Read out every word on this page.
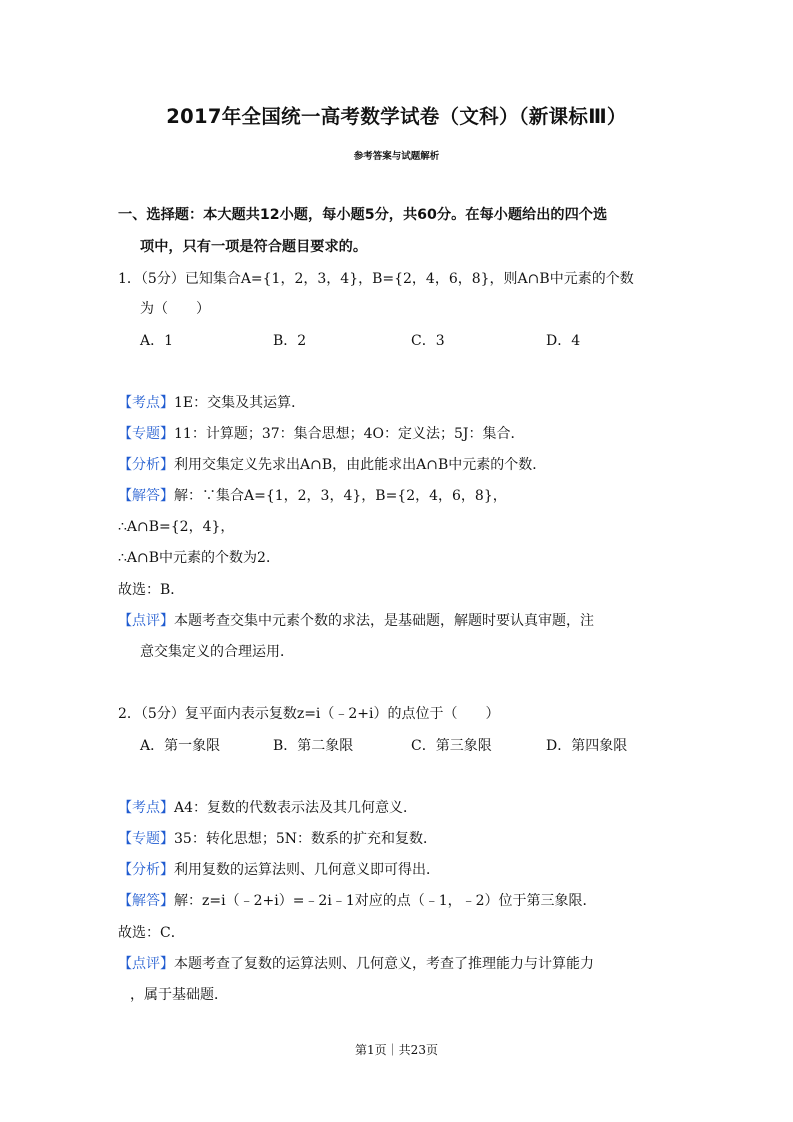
2017年全国统一高考数学试卷（文科）（新课标Ⅲ）
参考答案与试题解析
一、选择题：本大题共12小题，每小题5分，共60分。在每小题给出的四个选
项中，只有一项是符合题目要求的。
1．（5分）已知集合A={1，2，3，4}，B={2，4，6，8}，则A∩B中元素的个数
为（　　）
A．1	B．2	C．3	D．4
【考点】1E：交集及其运算．
【专题】11：计算题；37：集合思想；4O：定义法；5J：集合．
【分析】利用交集定义先求出A∩B，由此能求出A∩B中元素的个数．
【解答】解：∵集合A={1，2，3，4}，B={2，4，6，8}，
∴A∩B={2，4}，
∴A∩B中元素的个数为2．
故选：B．
【点评】本题考查交集中元素个数的求法，是基础题，解题时要认真审题，注
意交集定义的合理运用．
2．（5分）复平面内表示复数z=i（﹣2+i）的点位于（　　）
A．第一象限	B．第二象限	C．第三象限	D．第四象限
【考点】A4：复数的代数表示法及其几何意义．
【专题】35：转化思想；5N：数系的扩充和复数．
【分析】利用复数的运算法则、几何意义即可得出．
【解答】解：z=i（﹣2+i）=﹣2i﹣1对应的点（﹣1，﹣2）位于第三象限．
故选：C．
【点评】本题考查了复数的运算法则、几何意义，考查了推理能力与计算能力
，属于基础题．
第1页｜共23页
